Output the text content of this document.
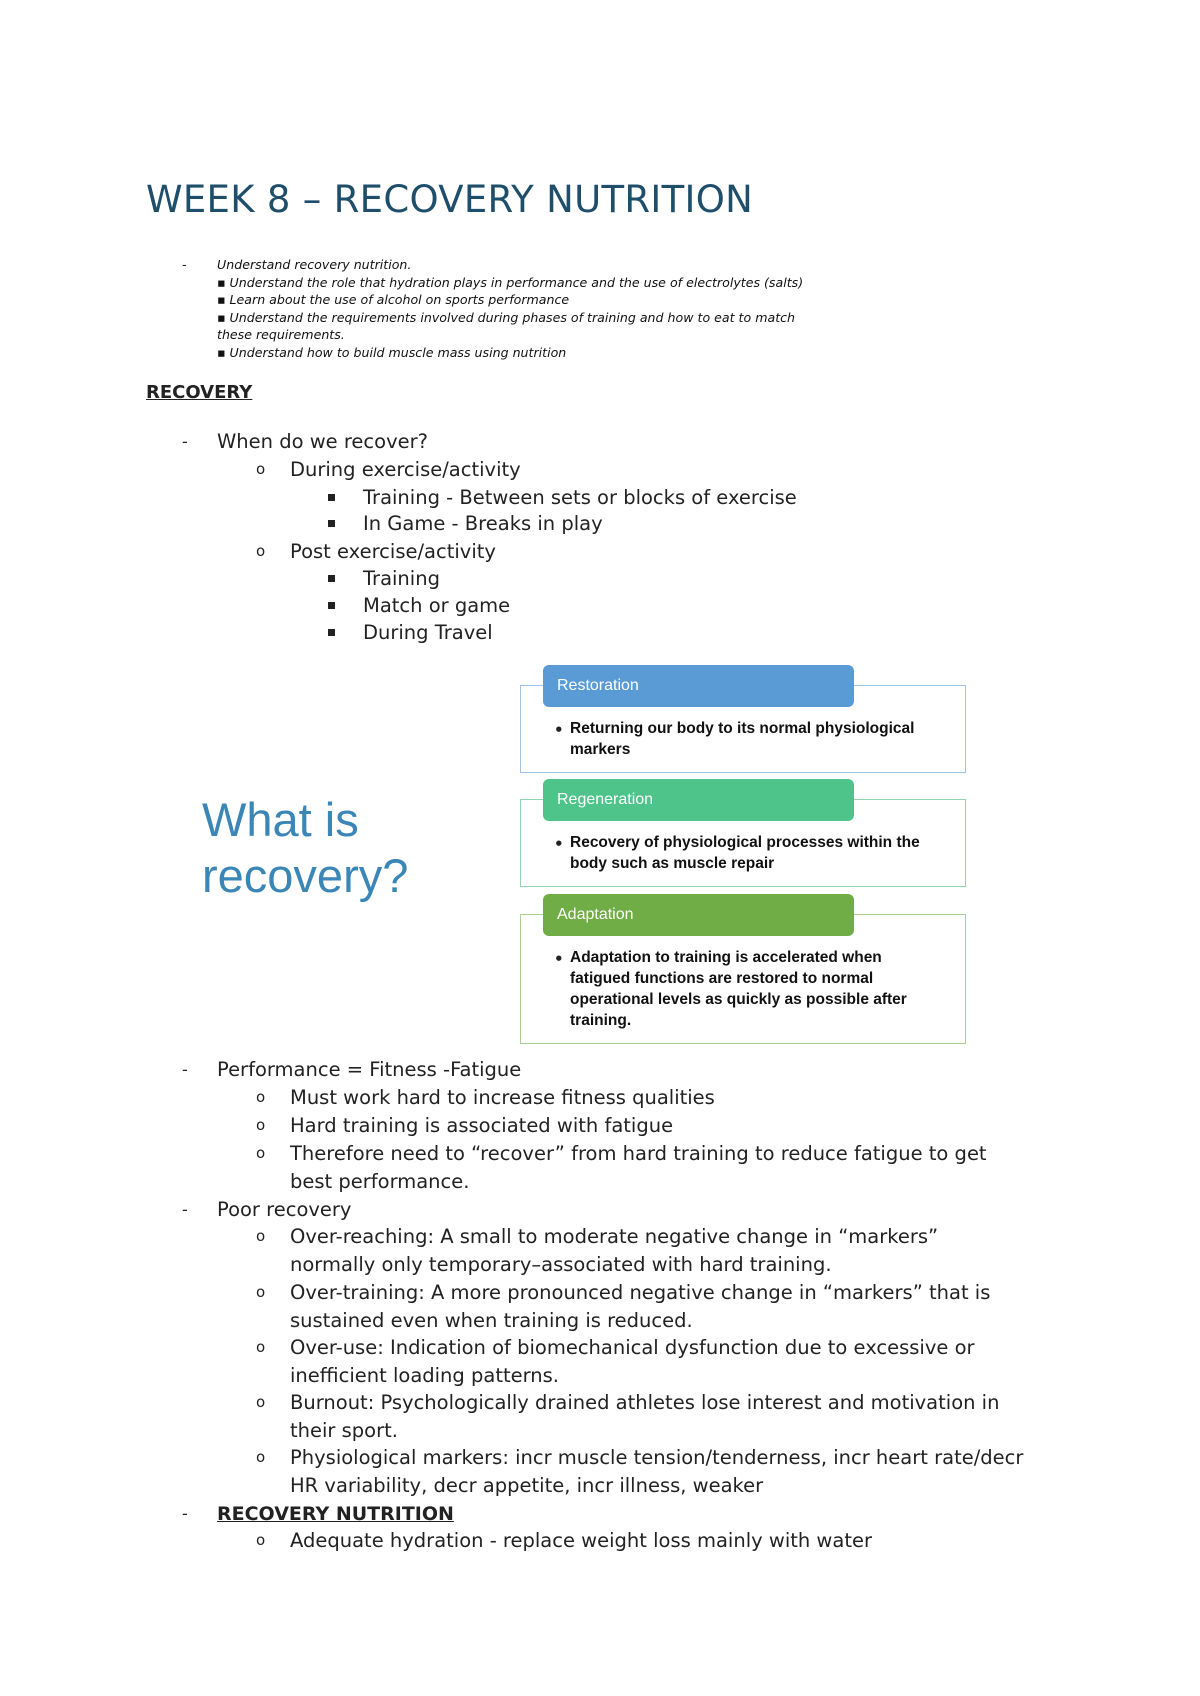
WEEK 8 – RECOVERY NUTRITION
- Understand recovery nutrition.
▪ Understand the role that hydration plays in performance and the use of electrolytes (salts)
▪ Learn about the use of alcohol on sports performance
▪ Understand the requirements involved during phases of training and how to eat to match
these requirements.
▪ Understand how to build muscle mass using nutrition
RECOVERY
- When do we recover?
o During exercise/activity
Training - Between sets or blocks of exercise
In Game - Breaks in play
o Post exercise/activity
Training
Match or game
During Travel
What is
recovery?
Restoration
• Returning our body to its normal physiological markers
Regeneration
• Recovery of physiological processes within the body such as muscle repair
Adaptation
• Adaptation to training is accelerated when fatigued functions are restored to normal operational levels as quickly as possible after training.
- Performance = Fitness -Fatigue
o Must work hard to increase fitness qualities
o Hard training is associated with fatigue
o Therefore need to “recover” from hard training to reduce fatigue to get
best performance.
- Poor recovery
o Over-reaching: A small to moderate negative change in “markers”
normally only temporary–associated with hard training.
o Over-training: A more pronounced negative change in “markers” that is
sustained even when training is reduced.
o Over-use: Indication of biomechanical dysfunction due to excessive or
inefficient loading patterns.
o Burnout: Psychologically drained athletes lose interest and motivation in
their sport.
o Physiological markers: incr muscle tension/tenderness, incr heart rate/decr
HR variability, decr appetite, incr illness, weaker
- RECOVERY NUTRITION
o Adequate hydration - replace weight loss mainly with water
